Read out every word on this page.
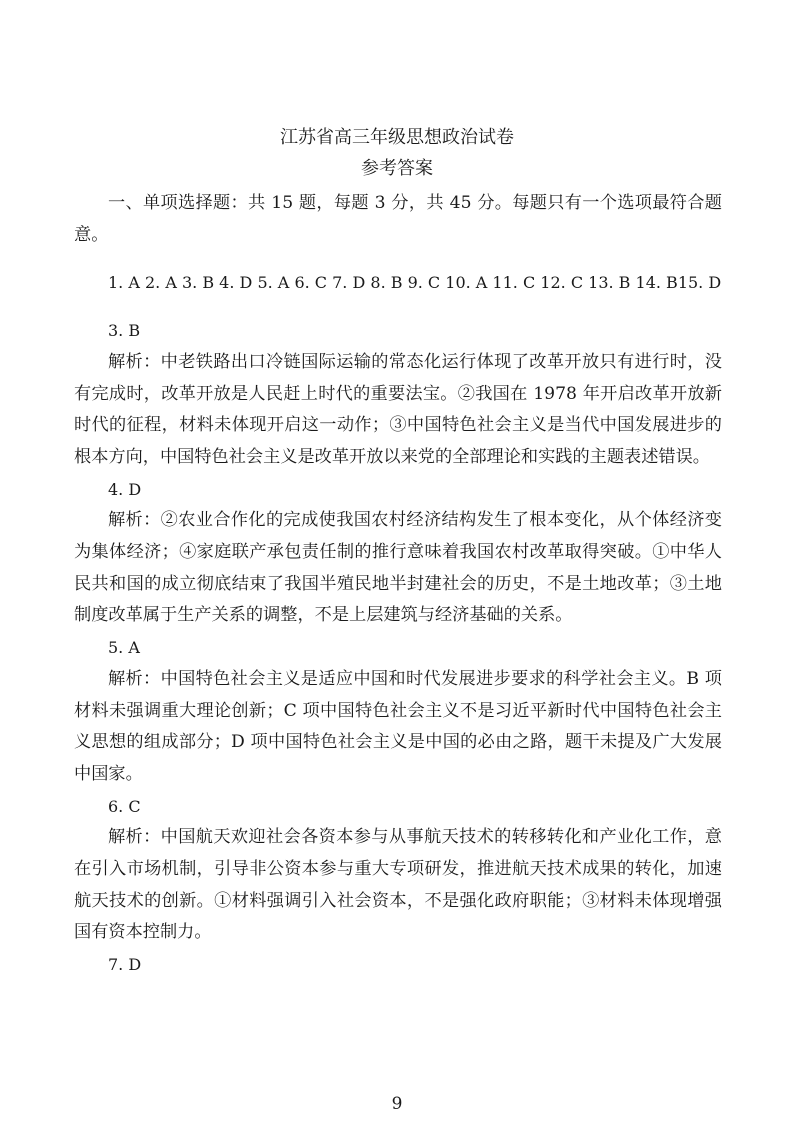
江苏省高三年级思想政治试卷
参考答案

一、单项选择题：共 15 题，每题 3 分，共 45 分。每题只有一个选项最符合题意。

1. A 2. A 3. B 4. D 5. A 6. C 7. D 8. B 9. C 10. A 11. C 12. C 13. B 14. B15. D

3. B

解析：中老铁路出口冷链国际运输的常态化运行体现了改革开放只有进行时，没有完成时，改革开放是人民赶上时代的重要法宝。②我国在 1978 年开启改革开放新时代的征程，材料未体现开启这一动作；③中国特色社会主义是当代中国发展进步的根本方向，中国特色社会主义是改革开放以来党的全部理论和实践的主题表述错误。

4. D

解析：②农业合作化的完成使我国农村经济结构发生了根本变化，从个体经济变为集体经济；④家庭联产承包责任制的推行意味着我国农村改革取得突破。①中华人民共和国的成立彻底结束了我国半殖民地半封建社会的历史，不是土地改革；③土地制度改革属于生产关系的调整，不是上层建筑与经济基础的关系。

5. A

解析：中国特色社会主义是适应中国和时代发展进步要求的科学社会主义。B 项材料未强调重大理论创新；C 项中国特色社会主义不是习近平新时代中国特色社会主义思想的组成部分；D 项中国特色社会主义是中国的必由之路，题干未提及广大发展中国家。

6. C

解析：中国航天欢迎社会各资本参与从事航天技术的转移转化和产业化工作，意在引入市场机制，引导非公资本参与重大专项研发，推进航天技术成果的转化，加速航天技术的创新。①材料强调引入社会资本，不是强化政府职能；③材料未体现增强国有资本控制力。

7. D

9
